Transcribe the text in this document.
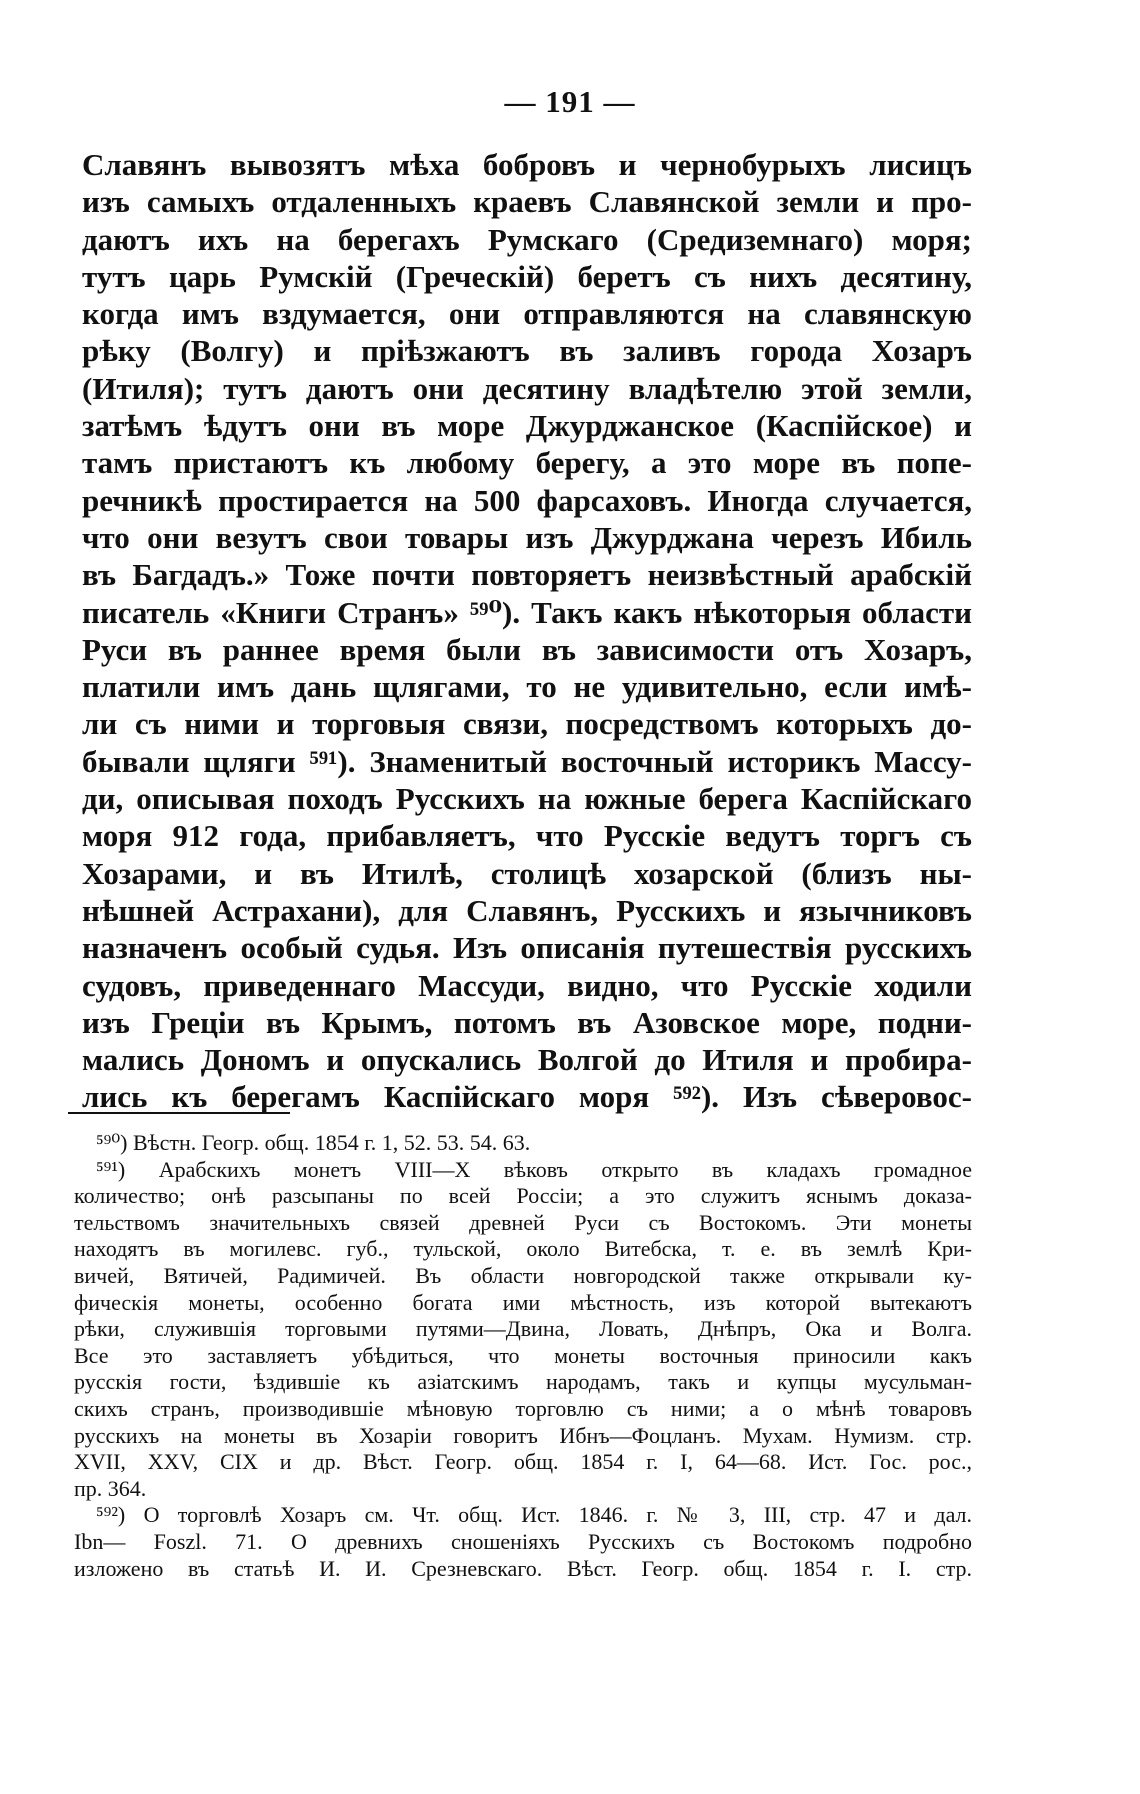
— 191 —
Славянъ вывозятъ мѣха бобровъ и чернобурыхъ лисицъ
изъ самыхъ отдаленныхъ краевъ Славянской земли и про-
даютъ ихъ на берегахъ Румскаго (Средиземнаго) моря;
тутъ царь Румскій (Греческій) беретъ съ нихъ десятину,
когда имъ вздумается, они отправляются на славянскую
рѣку (Волгу) и пріѣзжаютъ въ заливъ города Хозаръ
(Итиля); тутъ даютъ они десятину владѣтелю этой земли,
затѣмъ ѣдутъ они въ море Джурджанское (Каспійское) и
тамъ пристаютъ къ любому берегу, а это море въ попе-
речникѣ простирается на 500 фарсаховъ. Иногда случается,
что они везутъ свои товары изъ Джурджана черезъ Ибиль
въ Багдадъ.» Тоже почти повторяетъ неизвѣстный арабскій
писатель «Книги Странъ» ⁵⁹⁰). Такъ какъ нѣкоторыя области
Руси въ раннее время были въ зависимости отъ Хозаръ,
платили имъ дань щлягами, то не удивительно, если имѣ-
ли съ ними и торговыя связи, посредствомъ которыхъ до-
бывали щляги ⁵⁹¹). Знаменитый восточный историкъ Массу-
ди, описывая походъ Русскихъ на южные берега Каспійскаго
моря 912 года, прибавляетъ, что Русскіе ведутъ торгъ съ
Хозарами, и въ Итилѣ, столицѣ хозарской (близъ ны-
нѣшней Астрахани), для Славянъ, Русскихъ и язычниковъ
назначенъ особый судья. Изъ описанія путешествія русскихъ
судовъ, приведеннаго Массуди, видно, что Русскіе ходили
изъ Греціи въ Крымъ, потомъ въ Азовское море, подни-
мались Дономъ и опускались Волгой до Итиля и пробира-
лись къ берегамъ Каспійскаго моря ⁵⁹²). Изъ сѣверовос-
⁵⁹⁰) Вѣстн. Геогр. общ. 1854 г. 1, 52. 53. 54. 63.
⁵⁹¹) Арабскихъ монетъ VIII—X вѣковъ открыто въ кладахъ громадное
количество; онѣ разсыпаны по всей Россіи; а это служитъ яснымъ доказа-
тельствомъ значительныхъ связей древней Руси съ Востокомъ. Эти монеты
находятъ въ могилевс. губ., тульской, около Витебска, т. е. въ землѣ Кри-
вичей, Вятичей, Радимичей. Въ области новгородской также открывали ку-
фическія монеты, особенно богата ими мѣстность, изъ которой вытекаютъ
рѣки, служившія торговыми путями—Двина, Ловать, Днѣпръ, Ока и Волга.
Все это заставляетъ убѣдиться, что монеты восточныя приносили какъ
русскія гости, ѣздившіе къ азіатскимъ народамъ, такъ и купцы мусульман-
скихъ странъ, производившіе мѣновую торговлю съ ними; а о мѣнѣ товаровъ
русскихъ на монеты въ Хозаріи говоритъ Ибнъ—Фоцланъ. Мухам. Нумизм. стр.
XVII, XXV, CIX и др. Вѣст. Геогр. общ. 1854 г. I, 64—68. Ист. Гос. рос.,
пр. 364.
⁵⁹²) О торговлѣ Хозаръ см. Чт. общ. Ист. 1846. г. № 3, III, стр. 47 и дал.
Ibn— Foszl. 71. О древнихъ сношеніяхъ Русскихъ съ Востокомъ подробно
изложено въ статьѣ И. И. Срезневскаго. Вѣст. Геогр. общ. 1854 г. I. стр.
